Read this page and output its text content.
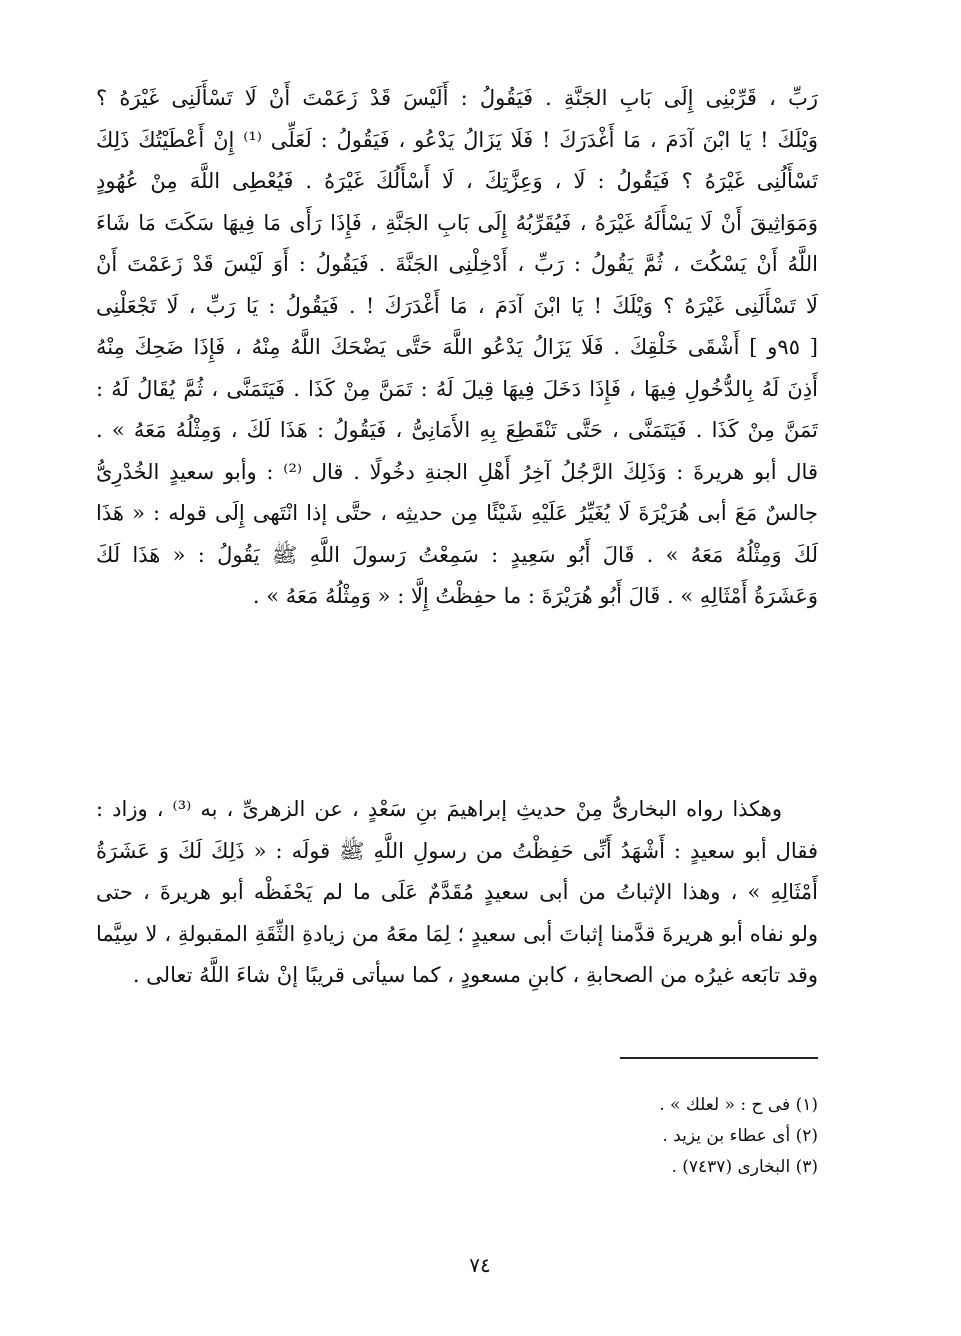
رَبِّ ، قَرِّبْنِى إِلَى بَابِ الجَنَّةِ . فَيَقُولُ : أَلَيْسَ قَدْ زَعَمْتَ أَنْ لَا تَسْأَلَنِى غَيْرَهُ ؟
وَيْلَكَ ! يَا ابْنَ آدَمَ ، مَا أَغْدَرَكَ ! فَلَا يَزَالُ يَدْعُو ، فَيَقُولُ : لَعَلِّى ⁽¹⁾ إِنْ أَعْطَيْتُكَ ذَلِكَ
تَسْأَلُنِى غَيْرَهُ ؟ فَيَقُولُ : لَا ، وَعِزَّتِكَ ، لَا أَسْأَلُكَ غَيْرَهُ . فَيُعْطِى اللَّهَ مِنْ عُهُودٍ
وَمَوَاثِيقَ أَنْ لَا يَسْأَلَهُ غَيْرَهُ ، فَيُقَرِّبُهُ إِلَى بَابِ الجَنَّةِ ، فَإِذَا رَأَى مَا فِيهَا سَكَتَ مَا شَاءَ
اللَّهُ أَنْ يَسْكُتَ ، ثُمَّ يَقُولُ : رَبِّ ، أَدْخِلْنِى الجَنَّةَ . فَيَقُولُ : أَوَ لَيْسَ قَدْ زَعَمْتَ أَنْ
لَا تَسْأَلَنِى غَيْرَهُ ؟ وَيْلَكَ ! يَا ابْنَ آدَمَ ، مَا أَغْدَرَكَ ! . فَيَقُولُ : يَا رَبِّ ، لَا تَجْعَلْنِى
[ ٩٥و ] أَشْقَى خَلْقِكَ . فَلَا يَزَالُ يَدْعُو اللَّهَ حَتَّى يَضْحَكَ اللَّهُ مِنْهُ ، فَإِذَا ضَحِكَ مِنْهُ
أَذِنَ لَهُ بِالدُّخُولِ فِيهَا ، فَإِذَا دَخَلَ فِيهَا قِيلَ لَهُ : تَمَنَّ مِنْ كَذَا . فَيَتَمَنَّى ، ثُمَّ يُقَالُ لَهُ :
تَمَنَّ مِنْ كَذَا . فَيَتَمَنَّى ، حَتَّى تَنْقَطِعَ بِهِ الأَمَانِىُّ ، فَيَقُولُ : هَذَا لَكَ ، وَمِثْلُهُ مَعَهُ » .
قال أبو هريرةَ : وَذَلِكَ الرَّجُلُ آخِرُ أَهْلِ الجنةِ دخُولًا . قال ⁽²⁾ : وأبو سعيدٍ الخُدْرِىُّ
جالسٌ مَعَ أبى هُرَيْرَةَ لَا يُغَيِّرُ عَلَيْهِ شَيْئًا مِن حديثِه ، حتَّى إذا انْتَهى إِلَى قوله : « هَذَا
لَكَ وَمِثْلُهُ مَعَهُ » . قَالَ أَبُو سَعِيدٍ : سَمِعْتُ رَسولَ اللَّهِ ﷺ يَقُولُ : « هَذَا لَكَ
وَعَشَرَةُ أَمْثَالِهِ » . قَالَ أَبُو هُرَيْرَةَ : ما حفِظْتُ إِلَّا : « وَمِثْلُهُ مَعَهُ » .
وهكذا رواه البخارىُّ مِنْ حديثِ إبراهيمَ بنِ سَعْدٍ ، عن الزهرىِّ ، به ⁽³⁾ ، وزاد :
فقال أبو سعيدٍ : أَشْهَدُ أَنِّى حَفِظْتُ من رسولِ اللَّهِ ﷺ قولَه : « ذَلِكَ لَكَ وَ عَشَرَةُ
أَمْثَالِهِ » ، وهذا الإثباتُ من أبى سعيدٍ مُقَدَّمٌ عَلَى ما لم يَحْفَظْه أبو هريرةَ ، حتى
ولو نفاه أبو هريرةَ قدَّمنا إثباتَ أبى سعيدٍ ؛ لِمَا معَهُ من زيادةِ الثِّقَةِ المقبولةِ ، لا سِيَّما
وقد تابَعه غيرُه من الصحابةِ ، كابنِ مسعودٍ ، كما سيأتى قريبًا إنْ شاءَ اللَّهُ تعالى .
(١) فى ح : « لعلك » .
(٢) أى عطاء بن يزيد .
(٣) البخارى (٧٤٣٧) .
٧٤
